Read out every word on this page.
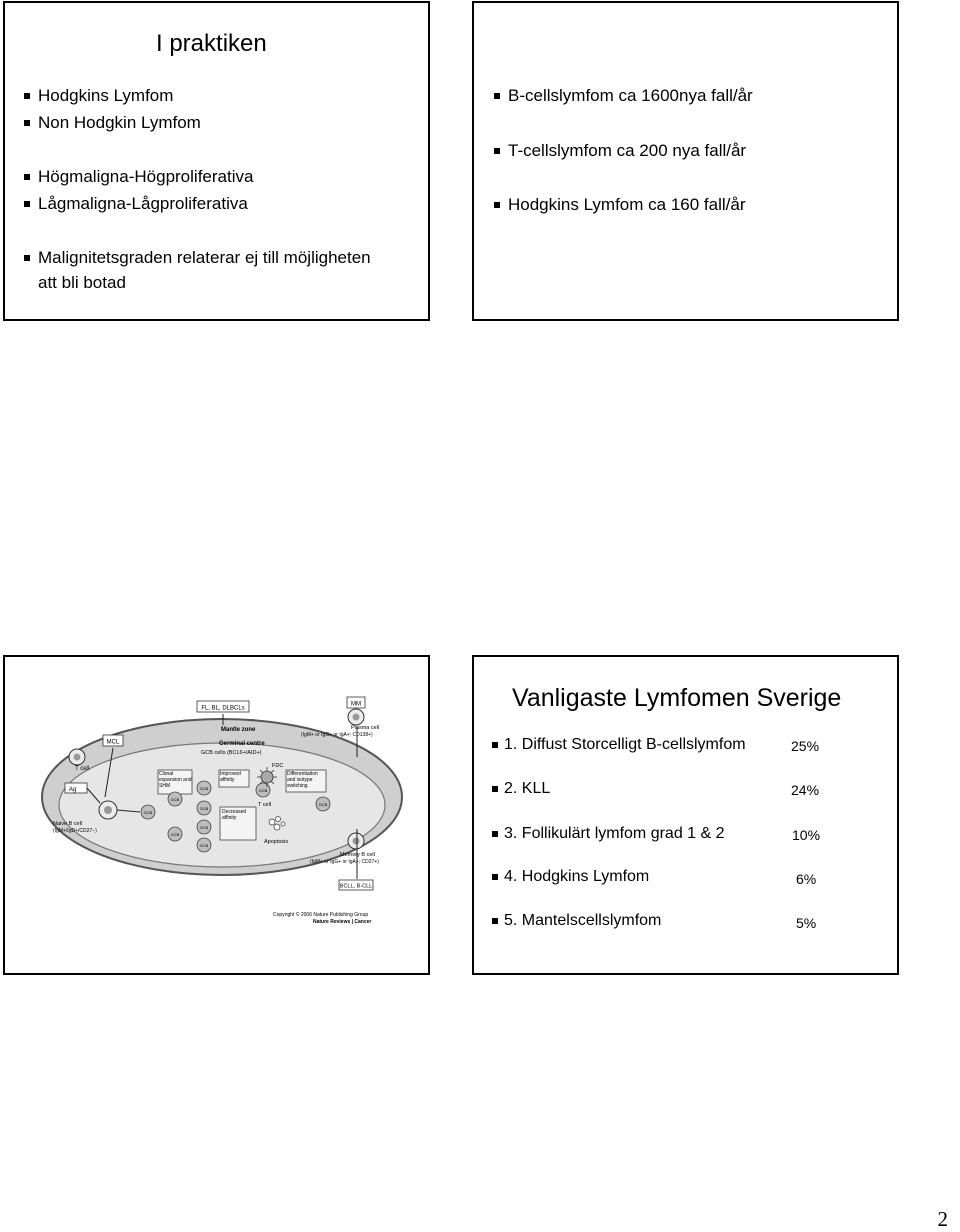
I praktiken
Hodgkins Lymfom
Non Hodgkin Lymfom
Högmaligna-Högproliferativa
Lågmaligna-Lågproliferativa
Malignitetsgraden relaterar ej till möjligheten
att bli botad
B-cellslymfom ca 1600nya fall/år
T-cellslymfom ca 200 nya fall/år
Hodgkins Lymfom ca 160 fall/år
FL, BL, DLBCLs
MM
MCL
Plasma cell
(IgM+ or IgG+ or IgA+; CD138+)
Mantle zone
Germinal centre
GCB cells (BCL6+/AID+)
FDC
T cell
Ag
Clonal expansion and SHM
Improved affinity
Differentiation and isotype switching
Decreased affinity
T cell
Apoptosis
GCB
GCB
GCB
GCB
GCB
GCB
GCB
GCB
GCB
Naive B cell
(IgM+/IgD+/CD27−)
Memory B cell
(IgM+ or IgG+ or IgA+; CD27+)
BCLL, B-CLL
Copyright © 2006 Nature Publishing Group
Nature Reviews | Cancer
Vanligaste Lymfomen Sverige
1. Diffust Storcelligt B-cellslymfom	25%
2. KLL	24%
3. Follikulärt lymfom grad 1 & 2	10%
4. Hodgkins Lymfom	6%
5. Mantelscellslymfom	5%
2
